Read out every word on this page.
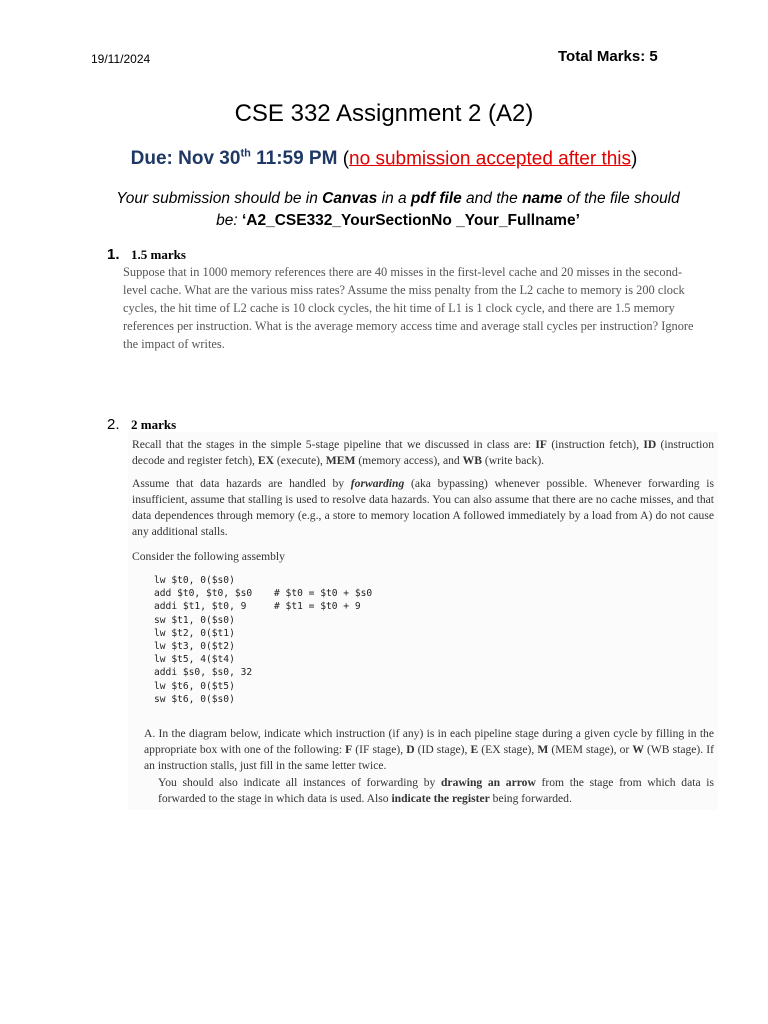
19/11/2024	Total Marks: 5
CSE 332 Assignment 2 (A2)
Due: Nov 30th 11:59 PM (no submission accepted after this)
Your submission should be in Canvas in a pdf file and the name of the file should be: ‘A2_CSE332_YourSectionNo _Your_Fullname’
1. 1.5 marks
Suppose that in 1000 memory references there are 40 misses in the first-level cache and 20 misses in the second-level cache. What are the various miss rates? Assume the miss penalty from the L2 cache to memory is 200 clock cycles, the hit time of L2 cache is 10 clock cycles, the hit time of L1 is 1 clock cycle, and there are 1.5 memory references per instruction. What is the average memory access time and average stall cycles per instruction? Ignore the impact of writes.
2. 2 marks
Recall that the stages in the simple 5-stage pipeline that we discussed in class are: IF (instruction fetch), ID (instruction decode and register fetch), EX (execute), MEM (memory access), and WB (write back).
Assume that data hazards are handled by forwarding (aka bypassing) whenever possible. Whenever forwarding is insufficient, assume that stalling is used to resolve data hazards. You can also assume that there are no cache misses, and that data dependences through memory (e.g., a store to memory location A followed immediately by a load from A) do not cause any additional stalls.
Consider the following assembly
lw $t0, 0($s0)
add $t0, $t0, $s0 # $t0 = $t0 + $s0
addi $t1, $t0, 9	# $t1 = $t0 + 9
sw $t1, 0($s0)
lw $t2, 0($t1)
lw $t3, 0($t2)
lw $t5, 4($t4)
addi $s0, $s0, 32
lw $t6, 0($t5)
sw $t6, 0($s0)
A. In the diagram below, indicate which instruction (if any) is in each pipeline stage during a given cycle by filling in the appropriate box with one of the following: F (IF stage), D (ID stage), E (EX stage), M (MEM stage), or W (WB stage). If an instruction stalls, just fill in the same letter twice.
You should also indicate all instances of forwarding by drawing an arrow from the stage from which data is forwarded to the stage in which data is used. Also indicate the register being forwarded.
